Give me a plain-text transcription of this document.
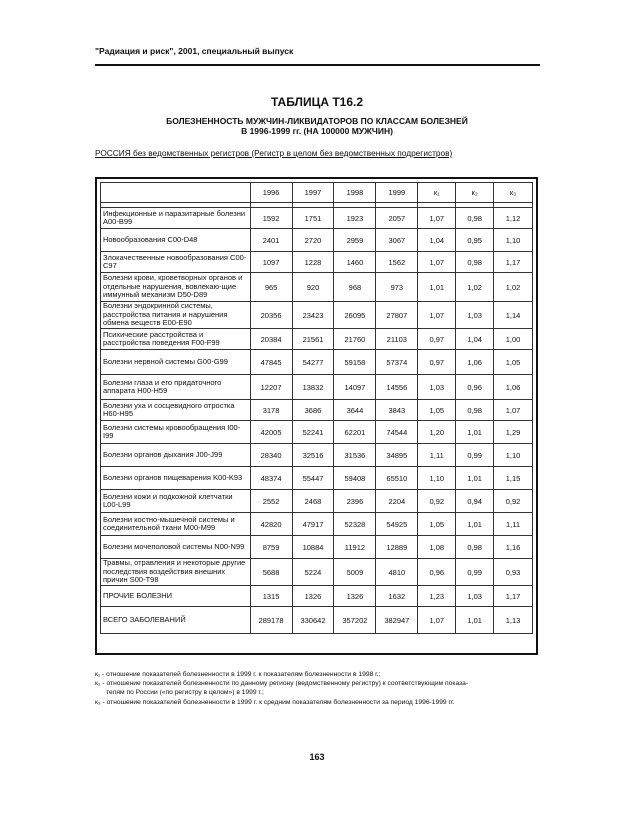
"Радиация и риск", 2001, специальный выпуск
ТАБЛИЦА Т16.2
БОЛЕЗНЕННОСТЬ МУЖЧИН-ЛИКВИДАТОРОВ ПО КЛАССАМ БОЛЕЗНЕЙ
В 1996-1999 гг. (НА 100000 МУЖЧИН)
РОССИЯ без ведомственных регистров (Регистр в целом без ведомственных подрегистров)
	1996	1997	1998	1999	к₁	к₂	к₃

Инфекционные и паразитарные болезни A00-B99	1592	1751	1923	2057	1,07	0,98	1,12
Новообразования C00-D48	2401	2720	2959	3067	1,04	0,95	1,10
Злокачественные новообразования C00-C97	1097	1228	1460	1562	1,07	0,98	1,17
Болезни крови, кроветворных органов и отдельные нарушения, вовлекаю-щие иммунный механизм D50-D89	965	920	968	973	1,01	1,02	1,02
Болезни эндокринной системы, расстройства питания и нарушения обмена веществ E00-E90	20356	23423	26095	27807	1,07	1,03	1,14
Психические расстройства и расстройства поведения F00-F99	20384	21561	21760	21103	0,97	1,04	1,00
Болезни нервной системы G00-G99	47845	54277	59158	57374	0,97	1,06	1,05
Болезни глаза и его придаточного аппарата H00-H59	12207	13832	14097	14556	1,03	0,96	1,06
Болезни уха и сосцевидного отростка H60-H95	3178	3686	3644	3843	1,05	0,98	1,07
Болезни системы кровообращения I00-I99	42005	52241	62201	74544	1,20	1,01	1,29
Болезни органов дыхания J00-J99	28340	32516	31536	34895	1,11	0,99	1,10
Болезни органов пищеварения K00-K93	48374	55447	59408	65510	1,10	1,01	1,15
Болезни кожи и подкожной клетчатки L00-L99	2552	2468	2396	2204	0,92	0,94	0,92
Болезни костно-мышечной системы и соединительной ткани M00-M99	42820	47917	52328	54925	1,05	1,01	1,11
Болезни мочеполовой системы N00-N99	8759	10884	11912	12889	1,08	0,98	1,16
Травмы, отравления и некоторые другие последствия воздействия внешних причин S00-T98	5688	5224	5009	4810	0,96	0,99	0,93
ПРОЧИЕ БОЛЕЗНИ	1315	1326	1326	1632	1,23	1,03	1,17
ВСЕГО ЗАБОЛЕВАНИЙ	289178	330642	357202	382947	1,07	1,01	1,13
к₁ - отношение показателей болезненности в 1999 г. к показателям болезненности в 1998 г.;
к₂ - отношение показателей болезненности по данному региону (ведомственному регистру) к соответствующим показа-
телям по России («по регистру в целом») в 1999 г.;
к₃ - отношение показателей болезненности в 1999 г. к средним показателям болезненности за период 1996-1999 гг.
163
